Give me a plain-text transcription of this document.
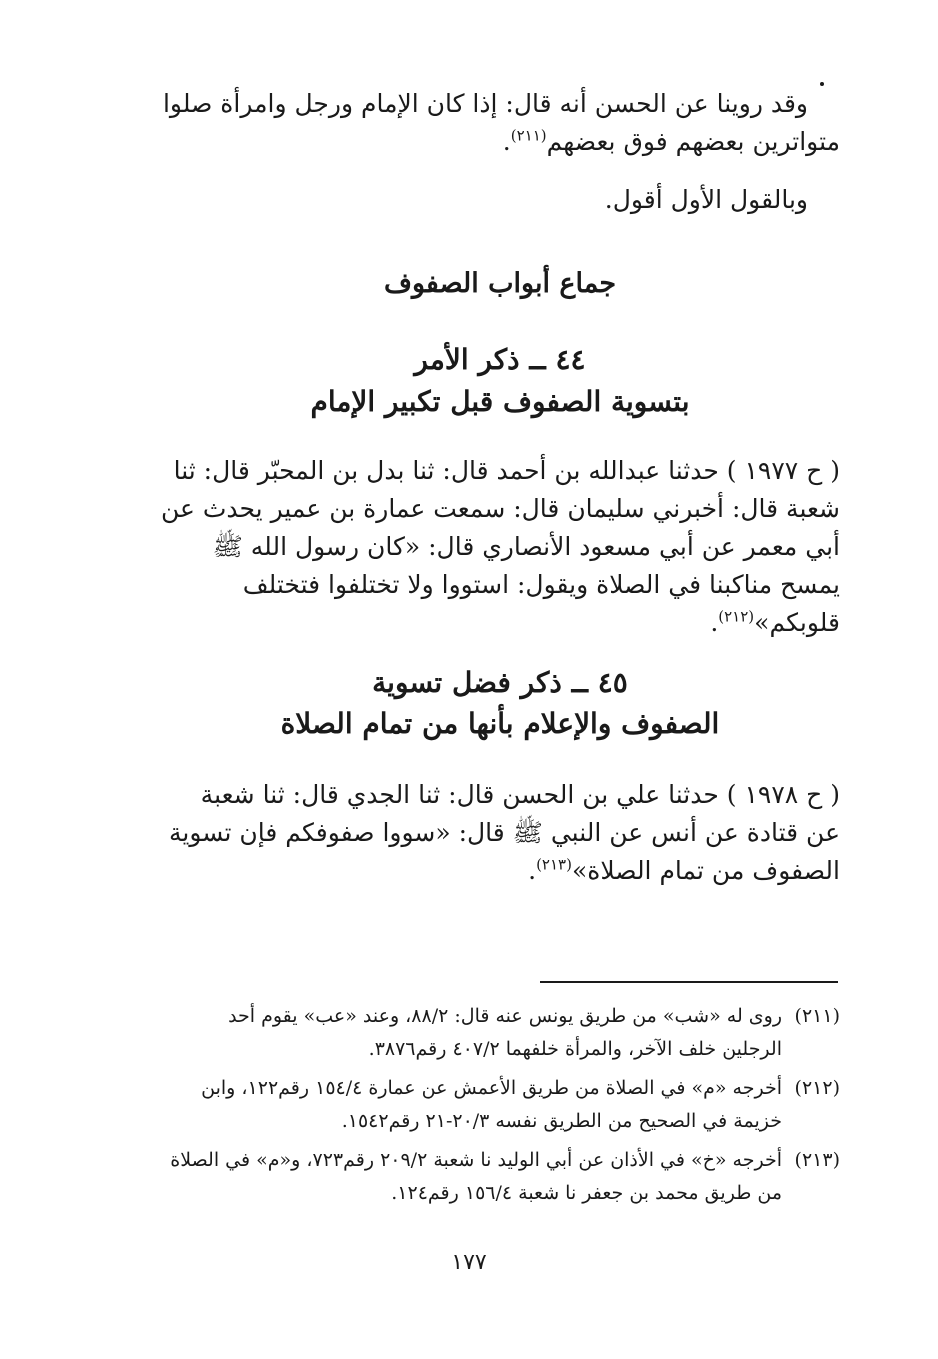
وقد روينا عن الحسن أنه قال: إذا كان الإمام ورجل وامرأة صلوا متواترين بعضهم فوق بعضهم$^{(٢١١)}$.
وبالقول الأول أقول.
جماع أبواب الصفوف
٤٤ ــ ذكر الأمر
بتسوية الصفوف قبل تكبير الإمام
( ح ١٩٧٧ ) حدثنا عبدالله بن أحمد قال: ثنا بدل بن المحبّر قال: ثنا شعبة قال: أخبرني سليمان قال: سمعت عمارة بن عمير يحدث عن أبي معمر عن أبي مسعود الأنصاري قال: «كان رسول الله ﷺ يمسح مناكبنا في الصلاة ويقول: استووا ولا تختلفوا فتختلف قلوبكم»$^{(٢١٢)}$.
٤٥ ــ ذكر فضل تسوية
الصفوف والإعلام بأنها من تمام الصلاة
( ح ١٩٧٨ ) حدثنا علي بن الحسن قال: ثنا الجدي قال: ثنا شعبة عن قتادة عن أنس عن النبي ﷺ قال: «سووا صفوفكم فإن تسوية الصفوف من تمام الصلاة»$^{(٢١٣)}$.
(٢١١)
روى له «شب» من طريق يونس عنه قال: ٨٨/٢، وعند «عب» يقوم أحد الرجلين خلف الآخر، والمرأة خلفهما ٤٠٧/٢ رقم٣٨٧٦.
(٢١٢)
أخرجه «م» في الصلاة من طريق الأعمش عن عمارة ١٥٤/٤ رقم١٢٢، وابن خزيمة في الصحيح من الطريق نفسه ٢٠/٣-٢١ رقم١٥٤٢.
(٢١٣)
أخرجه «خ» في الأذان عن أبي الوليد نا شعبة ٢٠٩/٢ رقم٧٢٣، و«م» في الصلاة من طريق محمد بن جعفر نا شعبة ١٥٦/٤ رقم١٢٤.
١٧٧
